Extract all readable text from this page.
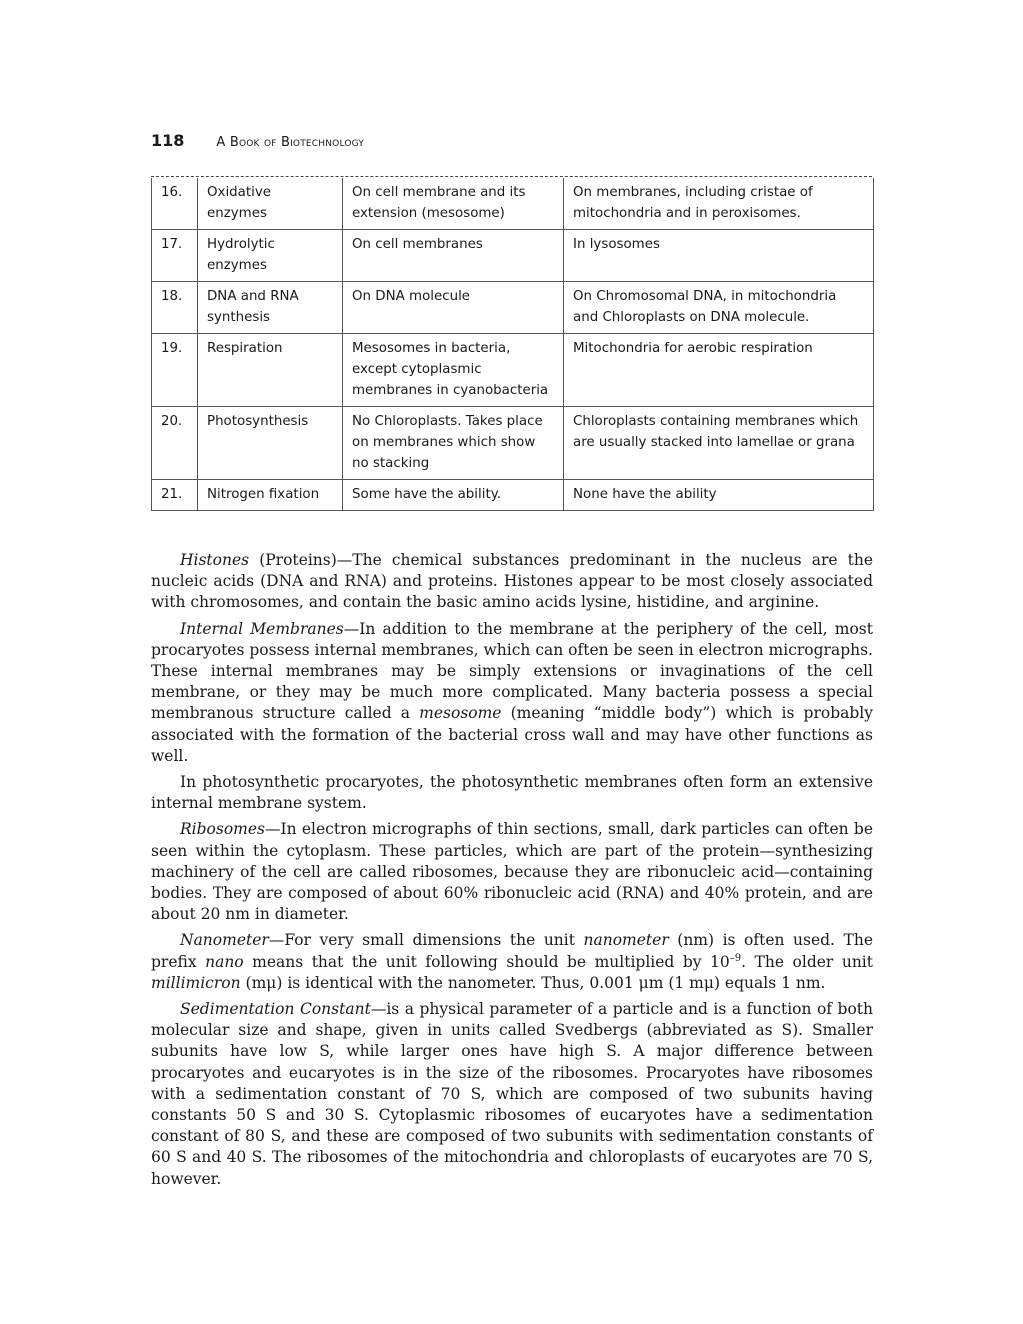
118 A Book of Biotechnology
16.	Oxidative enzymes	On cell membrane and its extension (mesosome)	On membranes, including cristae of mitochondria and in peroxisomes.
17.	Hydrolytic enzymes	On cell membranes	In lysosomes
18.	DNA and RNA synthesis	On DNA molecule	On Chromosomal DNA, in mitochondria and Chloroplasts on DNA molecule.
19.	Respiration	Mesosomes in bacteria, except cytoplasmic membranes in cyanobacteria	Mitochondria for aerobic respiration
20.	Photosynthesis	No Chloroplasts. Takes place on membranes which show no stacking	Chloroplasts containing membranes which are usually stacked into lamellae or grana
21.	Nitrogen fixation	Some have the ability.	None have the ability

Histones (Proteins)—The chemical substances predominant in the nucleus are the nucleic acids (DNA and RNA) and proteins. Histones appear to be most closely associated with chromosomes, and contain the basic amino acids lysine, histidine, and arginine.

Internal Membranes—In addition to the membrane at the periphery of the cell, most procaryotes possess internal membranes, which can often be seen in electron micrographs. These internal membranes may be simply extensions or invaginations of the cell membrane, or they may be much more complicated. Many bacteria possess a special membranous structure called a mesosome (meaning “middle body”) which is probably associated with the formation of the bacterial cross wall and may have other functions as well.

In photosynthetic procaryotes, the photosynthetic membranes often form an extensive internal membrane system.

Ribosomes—In electron micrographs of thin sections, small, dark particles can often be seen within the cytoplasm. These particles, which are part of the protein—synthesizing machinery of the cell are called ribosomes, because they are ribonucleic acid—containing bodies. They are composed of about 60% ribonucleic acid (RNA) and 40% protein, and are about 20 nm in diameter.

Nanometer—For very small dimensions the unit nanometer (nm) is often used. The prefix nano means that the unit following should be multiplied by $10^{-9}$. The older unit millimicron (mμ) is identical with the nanometer. Thus, 0.001 μm (1 mμ) equals 1 nm.

Sedimentation Constant—is a physical parameter of a particle and is a function of both molecular size and shape, given in units called Svedbergs (abbreviated as S). Smaller subunits have low S, while larger ones have high S. A major difference between procaryotes and eucaryotes is in the size of the ribosomes. Procaryotes have ribosomes with a sedimentation constant of 70 S, which are composed of two subunits having constants 50 S and 30 S. Cytoplasmic ribosomes of eucaryotes have a sedimentation constant of 80 S, and these are composed of two subunits with sedimentation constants of 60 S and 40 S. The ribosomes of the mitochondria and chloroplasts of eucaryotes are 70 S, however.
